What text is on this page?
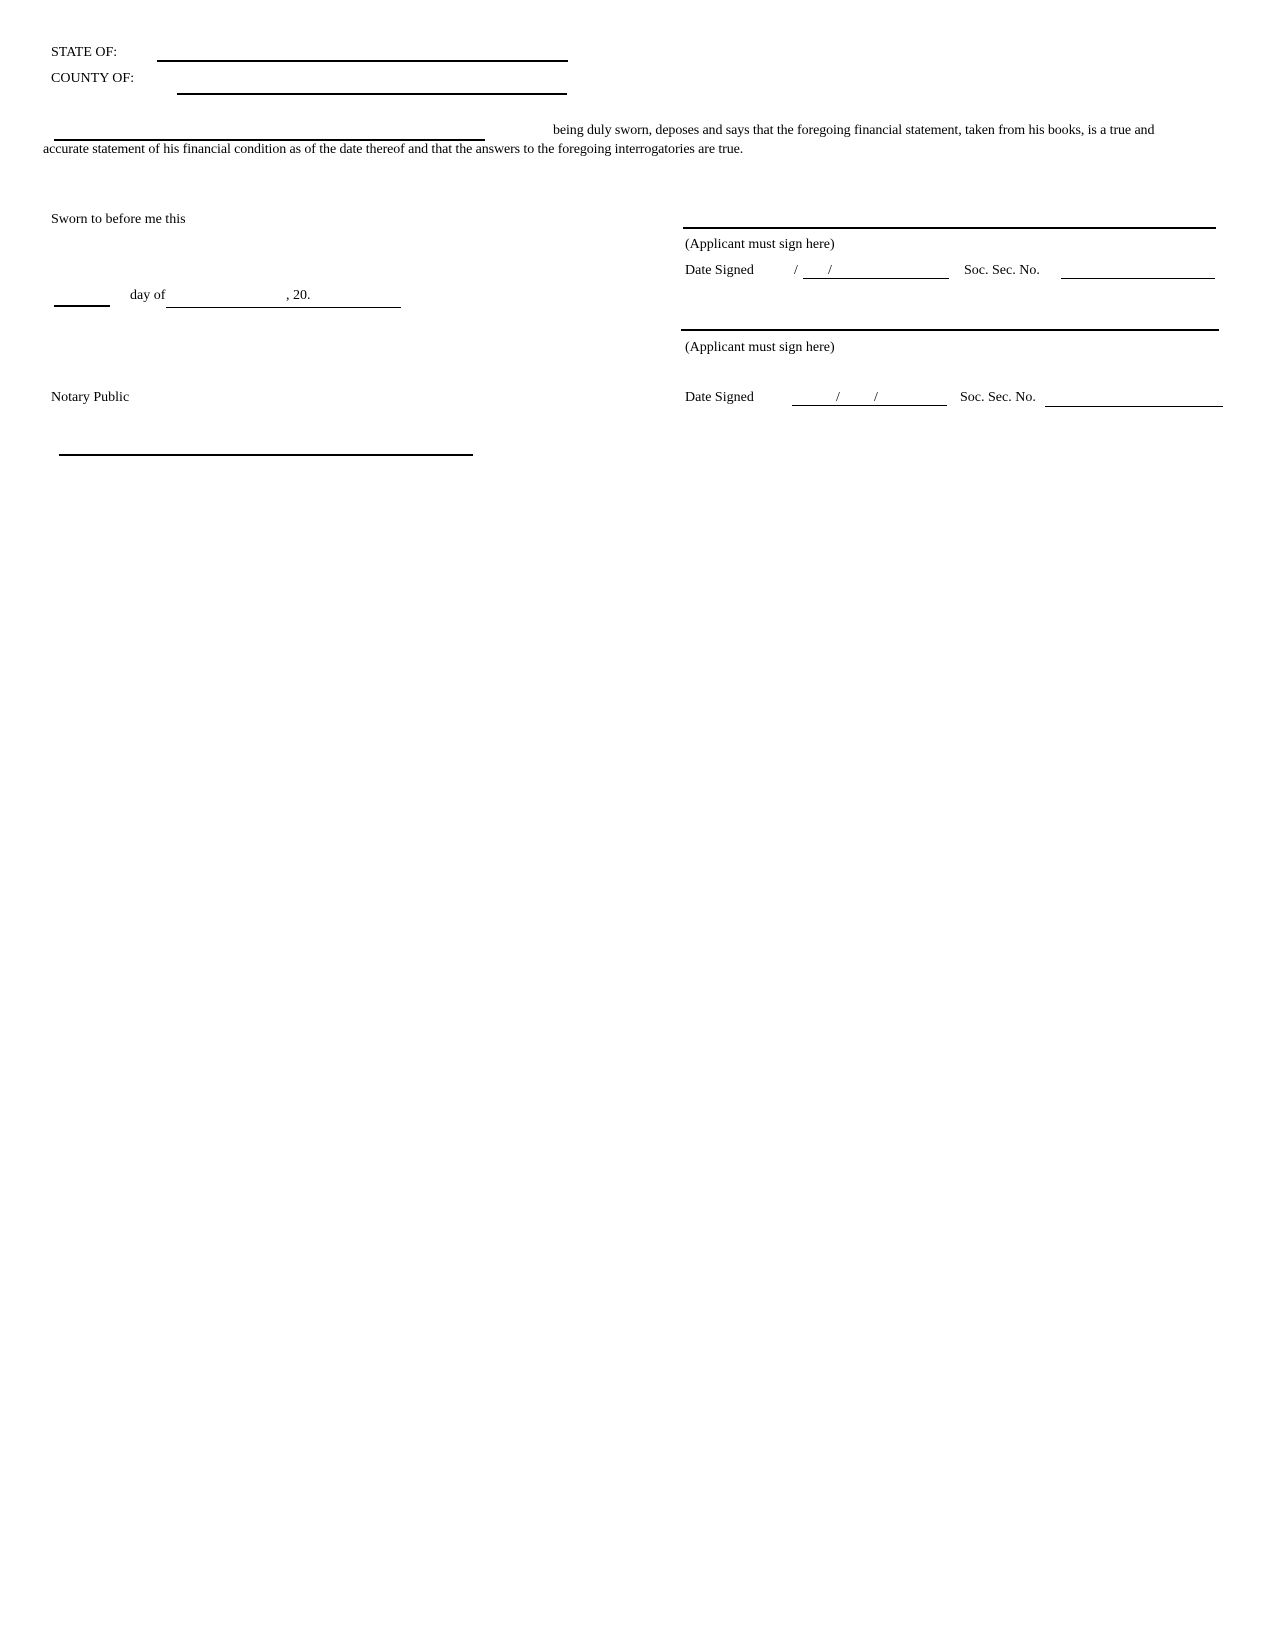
STATE OF:
COUNTY OF:
being duly sworn, deposes and says that the foregoing financial statement, taken from his books, is a true and
accurate statement of his financial condition as of the date thereof and that the answers to the foregoing interrogatories are true.
Sworn to before me this
day of	, 20.
Notary Public
(Applicant must sign here)
Date Signed	/ /	Soc. Sec. No.
(Applicant must sign here)
Date Signed	/ /	Soc. Sec. No.
